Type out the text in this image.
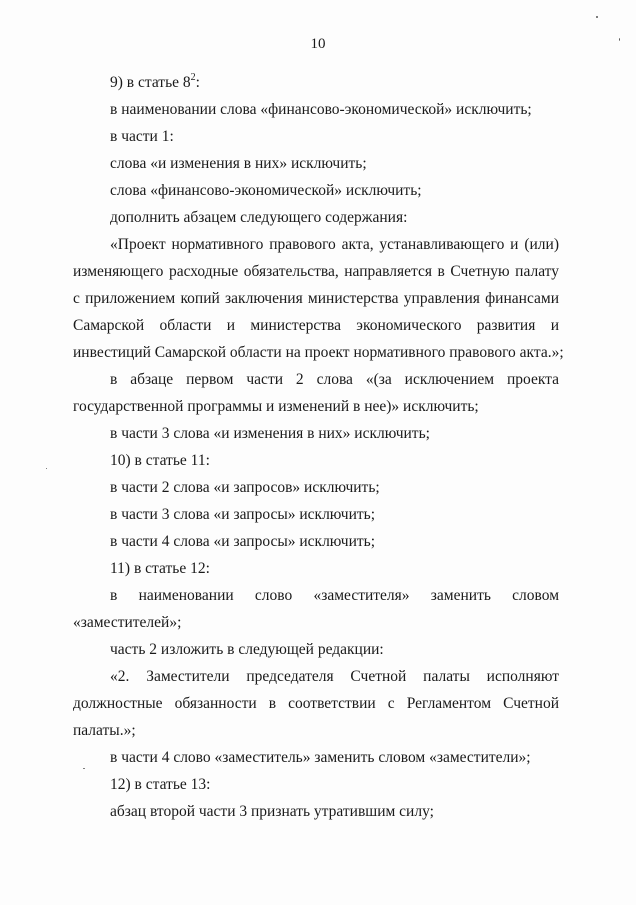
10
9) в статье $8^2$:
в наименовании слова «финансово-экономической» исключить;
в части 1:
слова «и изменения в них» исключить;
слова «финансово-экономической» исключить;
дополнить абзацем следующего содержания:
«Проект нормативного правового акта, устанавливающего и (или)
изменяющего расходные обязательства, направляется в Счетную палату
с приложением копий заключения министерства управления финансами
Самарской области и министерства экономического развития и
инвестиций Самарской области на проект нормативного правового акта.»;
в абзаце первом части 2 слова «(за исключением проекта
государственной программы и изменений в нее)» исключить;
в части 3 слова «и изменения в них» исключить;
10) в статье 11:
в части 2 слова «и запросов» исключить;
в части 3 слова «и запросы» исключить;
в части 4 слова «и запросы» исключить;
11) в статье 12:
в наименовании слово «заместителя» заменить словом
«заместителей»;
часть 2 изложить в следующей редакции:
«2. Заместители председателя Счетной палаты исполняют
должностные обязанности в соответствии с Регламентом Счетной
палаты.»;
в части 4 слово «заместитель» заменить словом «заместители»;
12) в статье 13:
абзац второй части 3 признать утратившим силу;
